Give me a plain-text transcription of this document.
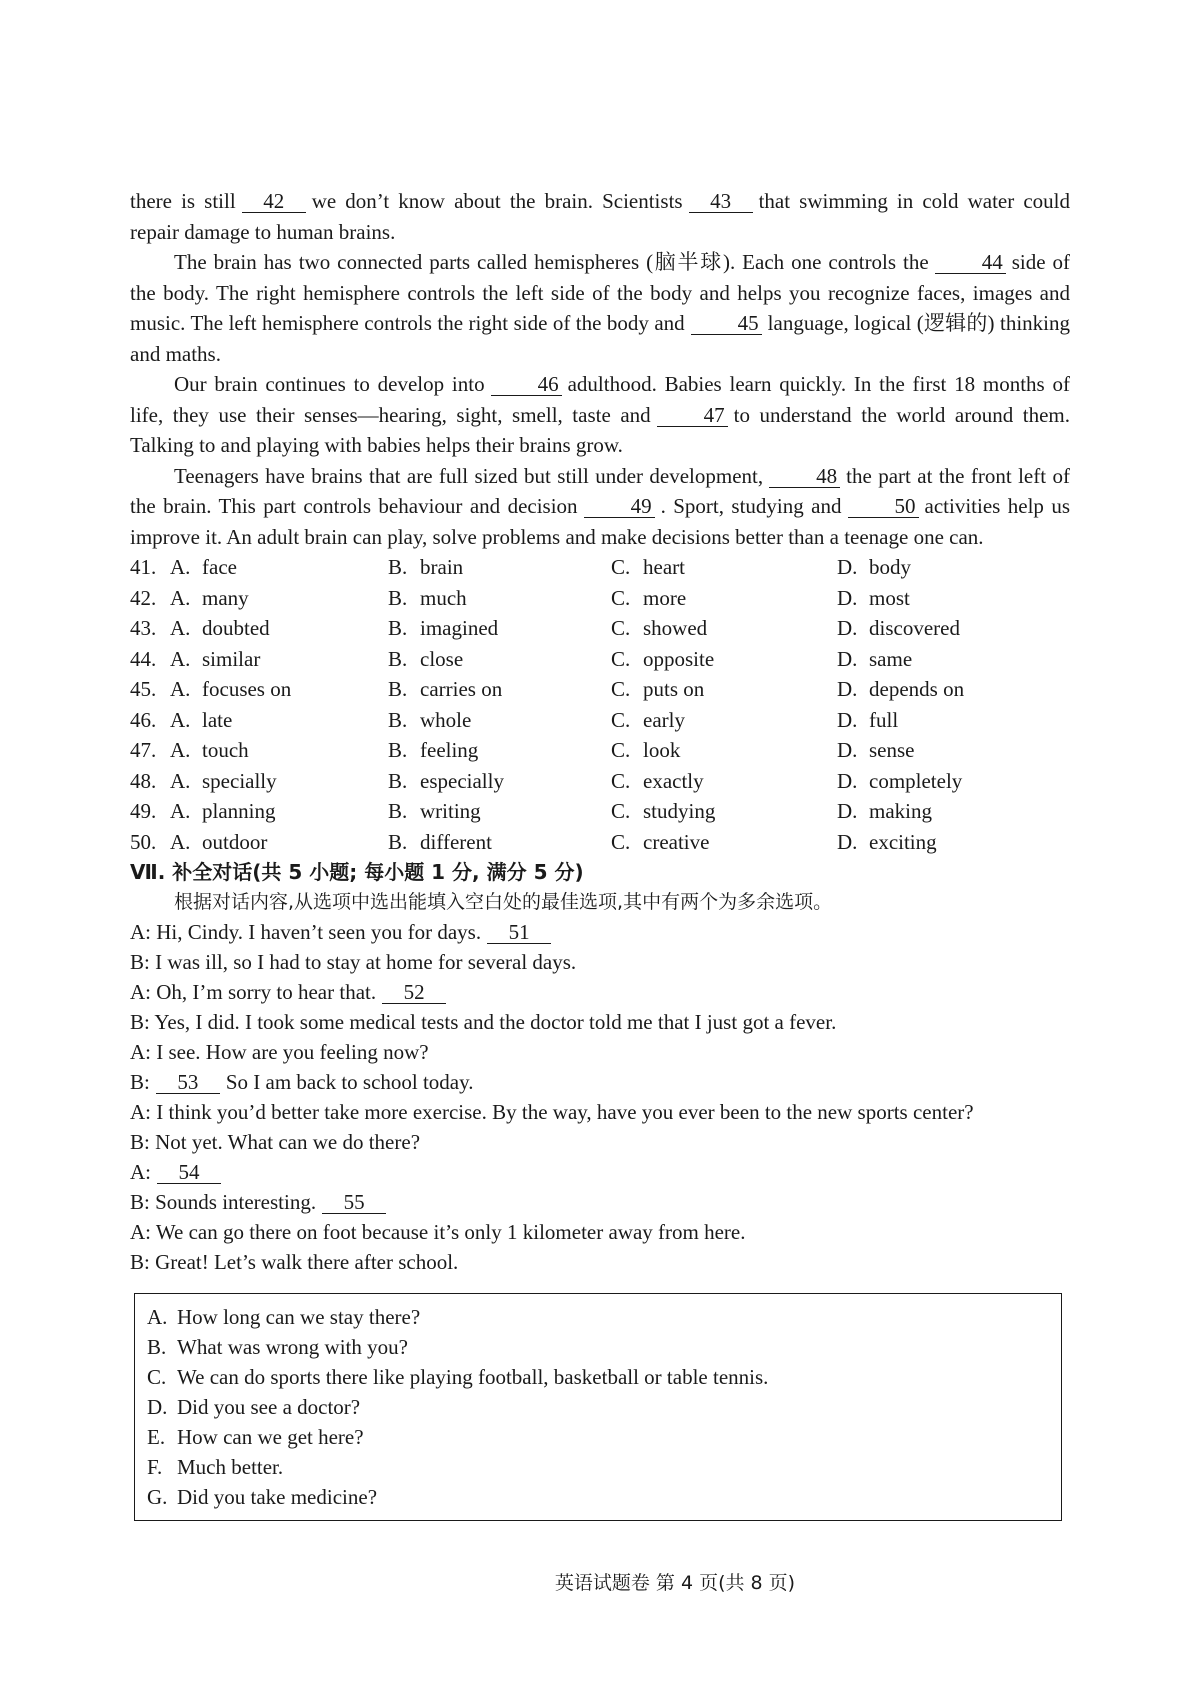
there is still 42 we don’t know about the brain. Scientists 43 that swimming in cold water could repair damage to human brains.

The brain has two connected parts called hemispheres (脑半球). Each one controls the	44 side of the body. The right hemisphere controls the left side of the body and helps you recognize faces, images and music. The left hemisphere controls the right side of the body and	45 language, logical (逻辑的) thinking and maths.

Our brain continues to develop into	46 adulthood. Babies learn quickly. In the first 18 months of life, they use their senses—hearing, sight, smell, taste and	47 to understand the world around them. Talking to and playing with babies helps their brains grow.

Teenagers have brains that are full sized but still under development,	48 the part at the front left of the brain. This part controls behaviour and decision	49 . Sport, studying and	50 activities help us improve it. An adult brain can play, solve problems and make decisions better than a teenage one can.

41. A. face	B. brain	C. heart	D. body
42. A. many	B. much	C. more	D. most
43. A. doubted	B. imagined	C. showed	D. discovered
44. A. similar	B. close	C. opposite	D. same
45. A. focuses on	B. carries on	C. puts on	D. depends on
46. A. late	B. whole	C. early	D. full
47. A. touch	B. feeling	C. look	D. sense
48. A. specially	B. especially	C. exactly	D. completely
49. A. planning	B. writing	C. studying	D. making
50. A. outdoor	B. different	C. creative	D. exciting

Ⅶ. 补全对话(共 5 小题; 每小题 1 分, 满分 5 分)

根据对话内容,从选项中选出能填入空白处的最佳选项,其中有两个为多余选项。

A: Hi, Cindy. I haven’t seen you for days. 51

B: I was ill, so I had to stay at home for several days.

A: Oh, I’m sorry to hear that. 52

B: Yes, I did. I took some medical tests and the doctor told me that I just got a fever.

A: I see. How are you feeling now?

B: 53 So I am back to school today.

A: I think you’d better take more exercise. By the way, have you ever been to the new sports center?

B: Not yet. What can we do there?

A: 54

B: Sounds interesting. 55

A: We can go there on foot because it’s only 1 kilometer away from here.

B: Great! Let’s walk there after school.

A. How long can we stay there?
B. What was wrong with you?
C. We can do sports there like playing football, basketball or table tennis.
D. Did you see a doctor?
E. How can we get here?
F. Much better.
G. Did you take medicine?
英语试题卷 第 4 页(共 8 页)
